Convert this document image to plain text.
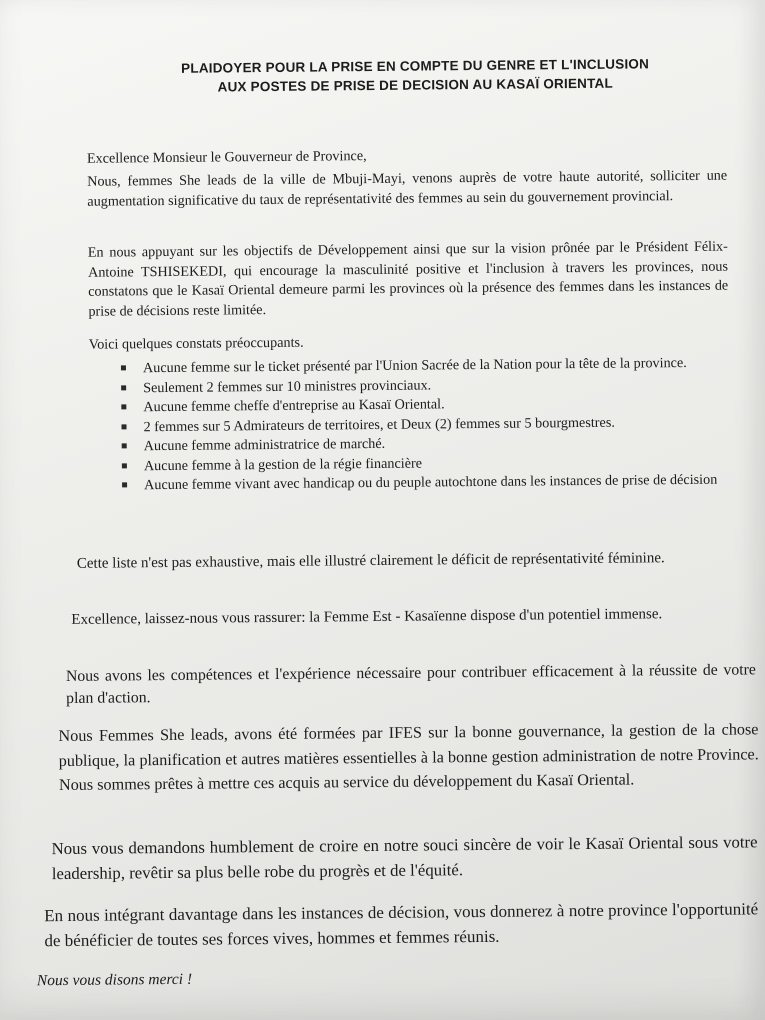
PLAIDOYER POUR LA PRISE EN COMPTE DU GENRE ET L'INCLUSION
AUX POSTES DE PRISE DE DECISION AU KASAÏ ORIENTAL

Excellence Monsieur le Gouverneur de Province,

Nous, femmes She leads de la ville de Mbuji-Mayi, venons auprès de votre haute autorité, solliciter une augmentation significative du taux de représentativité des femmes au sein du gouvernement provincial.

En nous appuyant sur les objectifs de Développement ainsi que sur la vision prônée par le Président Félix-Antoine TSHISEKEDI, qui encourage la masculinité positive et l'inclusion à travers les provinces, nous constatons que le Kasaï Oriental demeure parmi les provinces où la présence des femmes dans les instances de prise de décisions reste limitée.

Voici quelques constats préoccupants.

Aucune femme sur le ticket présenté par l'Union Sacrée de la Nation pour la tête de la province.
Seulement 2 femmes sur 10 ministres provinciaux.
Aucune femme cheffe d'entreprise au Kasaï Oriental.
2 femmes sur 5 Admirateurs de territoires, et Deux (2) femmes sur 5 bourgmestres.
Aucune femme administratrice de marché.
Aucune femme à la gestion de la régie financière
Aucune femme vivant avec handicap ou du peuple autochtone dans les instances de prise de décision

Cette liste n'est pas exhaustive, mais elle illustré clairement le déficit de représentativité féminine.

Excellence, laissez-nous vous rassurer: la Femme Est - Kasaïenne dispose d'un potentiel immense.

Nous avons les compétences et l'expérience nécessaire pour contribuer efficacement à la réussite de votre plan d'action.

Nous Femmes She leads, avons été formées par IFES sur la bonne gouvernance, la gestion de la chose publique, la planification et autres matières essentielles à la bonne gestion administration de notre Province. Nous sommes prêtes à mettre ces acquis au service du développement du Kasaï Oriental.

Nous vous demandons humblement de croire en notre souci sincère de voir le Kasaï Oriental sous votre leadership, revêtir sa plus belle robe du progrès et de l'équité.

En nous intégrant davantage dans les instances de décision, vous donnerez à notre province l'opportunité de bénéficier de toutes ses forces vives, hommes et femmes réunis.

Nous vous disons merci !
